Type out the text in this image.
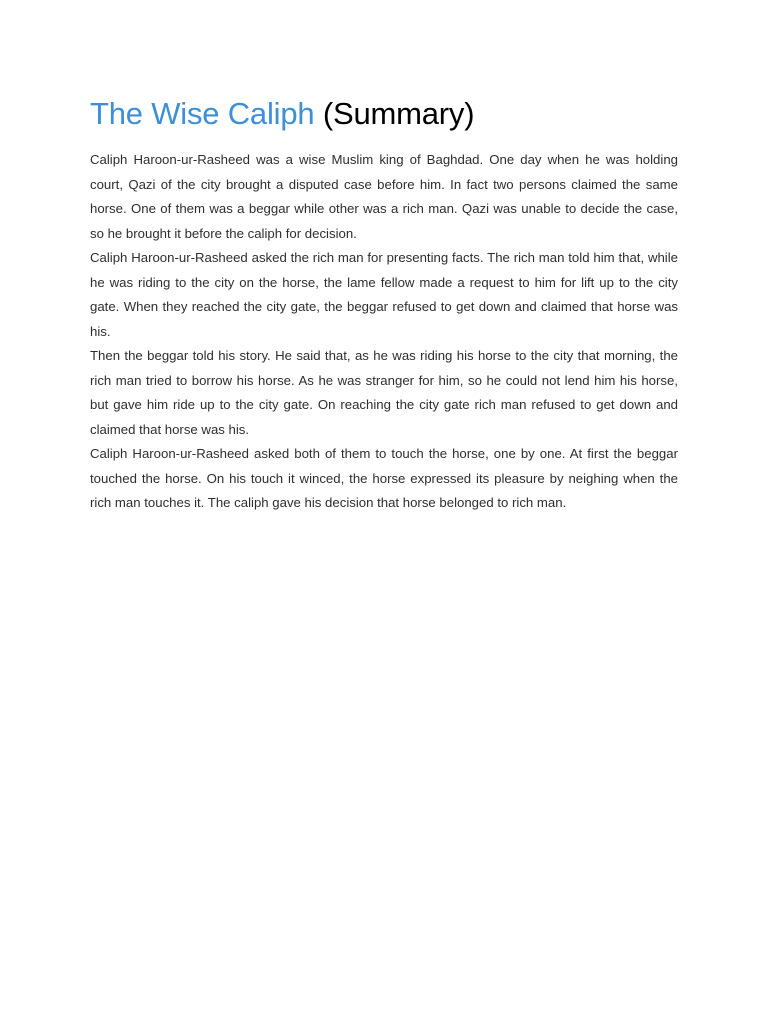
The Wise Caliph (Summary)

Caliph Haroon-ur-Rasheed was a wise Muslim king of Baghdad. One day when he was holding court, Qazi of the city brought a disputed case before him. In fact two persons claimed the same horse. One of them was a beggar while other was a rich man. Qazi was unable to decide the case, so he brought it before the caliph for decision.

Caliph Haroon-ur-Rasheed asked the rich man for presenting facts. The rich man told him that, while he was riding to the city on the horse, the lame fellow made a request to him for lift up to the city gate. When they reached the city gate, the beggar refused to get down and claimed that horse was his.

Then the beggar told his story. He said that, as he was riding his horse to the city that morning, the rich man tried to borrow his horse. As he was stranger for him, so he could not lend him his horse, but gave him ride up to the city gate. On reaching the city gate rich man refused to get down and claimed that horse was his.

Caliph Haroon-ur-Rasheed asked both of them to touch the horse, one by one. At first the beggar touched the horse. On his touch it winced, the horse expressed its pleasure by neighing when the rich man touches it. The caliph gave his decision that horse belonged to rich man.
